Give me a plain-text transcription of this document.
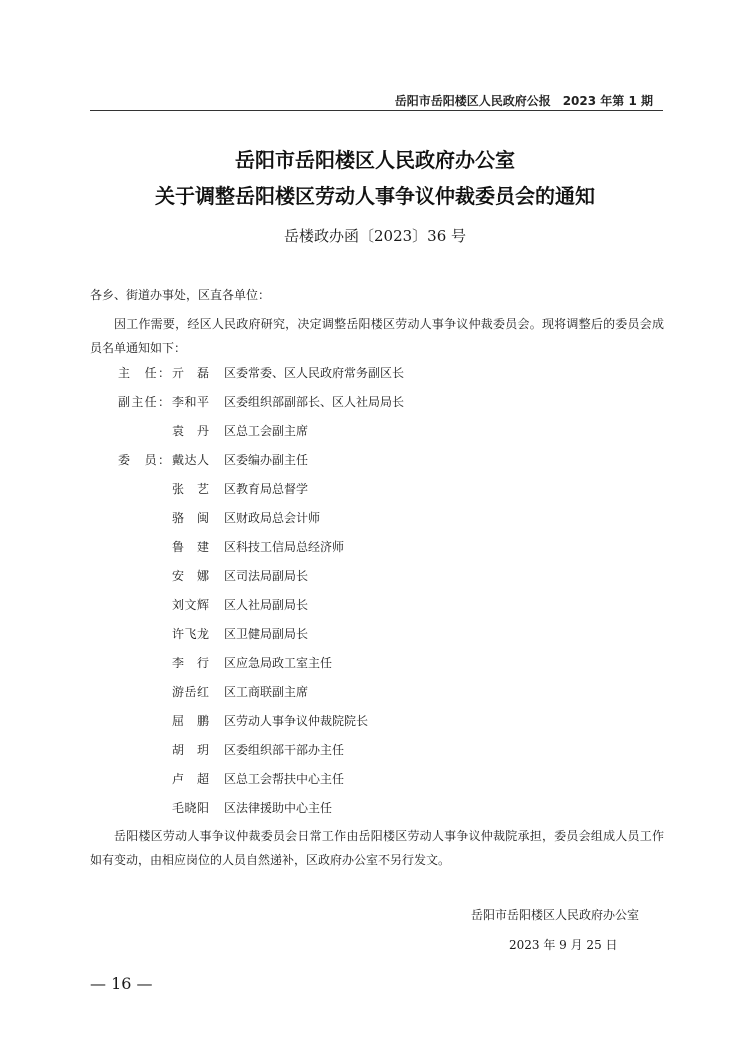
岳阳市岳阳楼区人民政府公报　2023 年第 1 期
岳阳市岳阳楼区人民政府办公室
关于调整岳阳楼区劳动人事争议仲裁委员会的通知
岳楼政办函〔2023〕36 号
各乡、街道办事处，区直各单位：
因工作需要，经区人民政府研究，决定调整岳阳楼区劳动人事争议仲裁委员会。现将调整后的委员会成员名单通知如下：
主　任： 亓磊 区委常委、区人民政府常务副区长
副主任： 李和平 区委组织部副部长、区人社局局长
袁丹 区总工会副主席
委　员： 戴达人 区委编办副主任
张艺 区教育局总督学
骆闽 区财政局总会计师
鲁建 区科技工信局总经济师
安娜 区司法局副局长
刘文辉 区人社局副局长
许飞龙 区卫健局副局长
李行 区应急局政工室主任
游岳红 区工商联副主席
屈鹏 区劳动人事争议仲裁院院长
胡玥 区委组织部干部办主任
卢超 区总工会帮扶中心主任
毛晓阳 区法律援助中心主任
岳阳楼区劳动人事争议仲裁委员会日常工作由岳阳楼区劳动人事争议仲裁院承担，委员会组成人员工作如有变动，由相应岗位的人员自然递补，区政府办公室不另行发文。
岳阳市岳阳楼区人民政府办公室
2023 年 9 月 25 日
— 16 —
